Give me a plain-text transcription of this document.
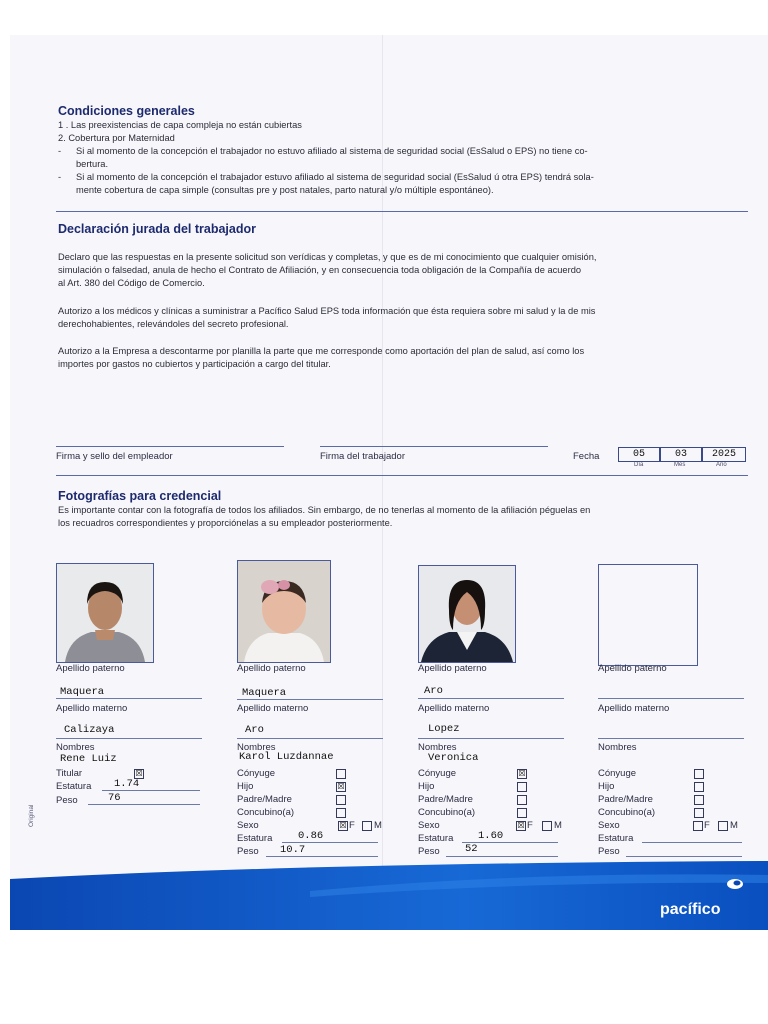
Condiciones generales
1 . Las preexistencias de capa compleja no están cubiertas
2. Cobertura por Maternidad
- Si al momento de la concepción el trabajador no estuvo afiliado al sistema de seguridad social (EsSalud o EPS) no tiene co-
bertura.
- Si al momento de la concepción el trabajador estuvo afiliado al sistema de seguridad social (EsSalud ú otra EPS) tendrá sola-
mente cobertura de capa simple (consultas pre y post natales, parto natural y/o múltiple espontáneo).
Declaración jurada del trabajador
Declaro que las respuestas en la presente solicitud son verídicas y completas, y que es de mi conocimiento que cualquier omisión,
simulación o falsedad, anula de hecho el Contrato de Afiliación, y en consecuencia toda obligación de la Compañía de acuerdo
al Art. 380 del Código de Comercio.
Autorizo a los médicos y clínicas a suministrar a Pacífico Salud EPS toda información que ésta requiera sobre mi salud y la de mis
derechohabientes, relevándoles del secreto profesional.
Autorizo a la Empresa a descontarme por planilla la parte que me corresponde como aportación del plan de salud, así como los
importes por gastos no cubiertos y participación a cargo del titular.
Firma y sello del empleador	Firma del trabajador	Fecha	05	03	2025
Día	Mes	Año
Fotografías para credencial
Es importante contar con la fotografía de todos los afiliados. Sin embargo, de no tenerlas al momento de la afiliación péguelas en
los recuadros correspondientes y proporciónelas a su empleador posteriormente.
Original
Apellido paterno
Maquera
Apellido materno
Calizaya
Nombres
Rene Luiz
Titular	☒
Estatura 1.74
Peso	76
Apellido paterno
Maquera
Apellido materno
Aro
Nombres
Karol Luzdannae
Cónyuge
Hijo	☒
Padre/Madre
Concubino(a)
Sexo	☒ F M
Estatura 0.86
Peso 10.7
Apellido paterno
Aro
Apellido materno
Lopez
Nombres
Veronica
Cónyuge	☒
Hijo
Padre/Madre
Concubino(a)
Sexo	☒ F M
Estatura 1.60
Peso 52
Apellido paterno
Apellido materno
Nombres
Cónyuge
Hijo
Padre/Madre
Concubino(a)
Sexo	F M
Estatura
Peso
pacífico
